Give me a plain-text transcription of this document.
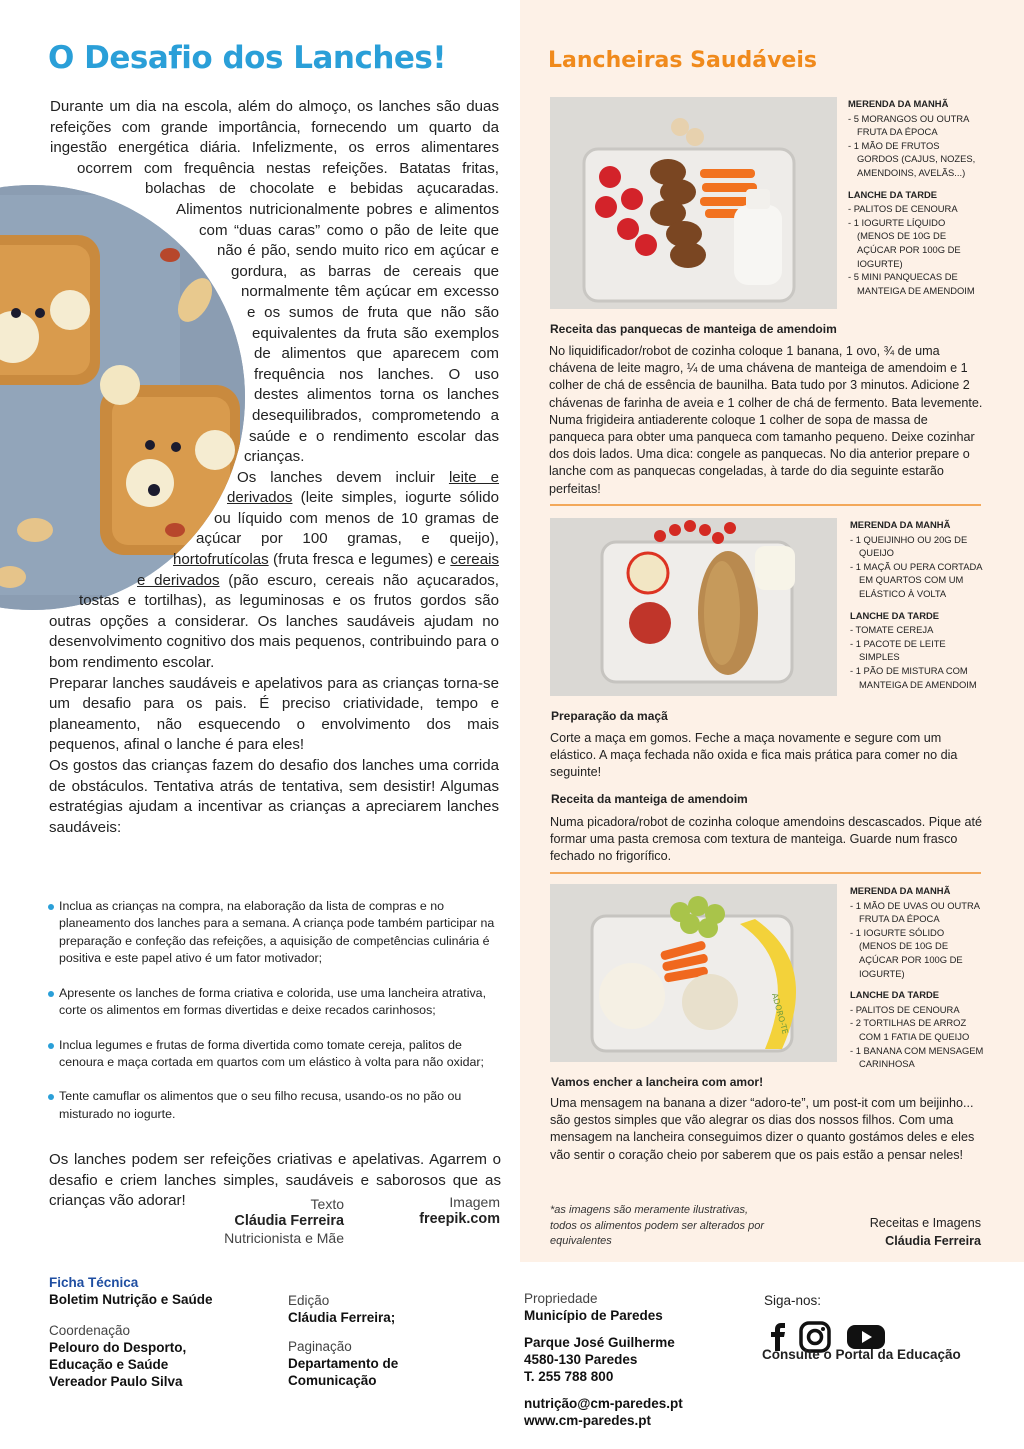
O Desafio dos Lanches!

Durante um dia na escola, além do almoço, os lanches são duas refeições com grande importância, fornecendo um quarto da ingestão energética diária. Infelizmente, os erros alimentares ocorrem com frequência nestas refeições. Batatas fritas, bolachas de chocolate e bebidas açucaradas. Alimentos nutricionalmente pobres e alimentos com “duas caras” como o pão de leite que não é pão, sendo muito rico em açúcar e gordura, as barras de cereais que normalmente têm açúcar em excesso e os sumos de fruta que não são equivalentes da fruta são exemplos de alimentos que aparecem com frequência nos lanches. O uso destes alimentos torna os lanches desequilibrados, comprometendo a saúde e o rendimento escolar das crianças.

Os lanches devem incluir leite e derivados (leite simples, iogurte sólido ou líquido com menos de 10 gramas de açúcar por 100 gramas, e queijo), hortofrutícolas (fruta fresca e legumes) e cereais e derivados (pão escuro, cereais não açucarados, tostas e tortilhas), as leguminosas e os frutos gordos são outras opções a considerar. Os lanches saudáveis ajudam no desenvolvimento cognitivo dos mais pequenos, contribuindo para o bom rendimento escolar.

Preparar lanches saudáveis e apelativos para as crianças torna-se um desafio para os pais. É preciso criatividade, tempo e planeamento, não esquecendo o envolvimento dos mais pequenos, afinal o lanche é para eles!

Os gostos das crianças fazem do desafio dos lanches uma corrida de obstáculos. Tentativa atrás de tentativa, sem desistir! Algumas estratégias ajudam a incentivar as crianças a apreciarem lanches saudáveis:

Inclua as crianças na compra, na elaboração da lista de compras e no planeamento dos lanches para a semana. A criança pode também participar na preparação e confeção das refeições, a aquisição de competências culinária é positiva e este papel ativo é um fator motivador;
Apresente os lanches de forma criativa e colorida, use uma lancheira atrativa, corte os alimentos em formas divertidas e deixe recados carinhosos;
Inclua legumes e frutas de forma divertida como tomate cereja, palitos de cenoura e maça cortada em quartos com um elástico à volta para não oxidar;
Tente camuflar os alimentos que o seu filho recusa, usando-os no pão ou misturado no iogurte.

Os lanches podem ser refeições criativas e apelativas. Agarrem o desafio e criem lanches simples, saudáveis e saborosos que as crianças vão adorar!	Texto
Cláudia Ferreira
Nutricionista e Mãe
Imagem
freepik.com
Lancheiras Saudáveis
MERENDA DA MANHÃ
- 5 MORANGOS OU OUTRA FRUTA DA ÉPOCA
- 1 MÃO DE FRUTOS GORDOS (CAJUS, NOZES, AMENDOINS, AVELÃS...)
LANCHE DA TARDE
- PALITOS DE CENOURA
- 1 IOGURTE LÍQUIDO (MENOS DE 10G DE AÇÚCAR POR 100G DE IOGURTE)
- 5 MINI PANQUECAS DE MANTEIGA DE AMENDOIM
Receita das panquecas de manteiga de amendoim
No liquidificador/robot de cozinha coloque 1 banana, 1 ovo, ¾ de uma chávena de leite magro, ¼ de uma chávena de manteiga de amendoim e 1 colher de chá de essência de baunilha. Bata tudo por 3 minutos. Adicione 2 chávenas de farinha de aveia e 1 colher de chá de fermento. Bata levemente. Numa frigideira antiaderente coloque 1 colher de sopa de massa de panqueca para obter uma panqueca com tamanho pequeno. Deixe cozinhar dos dois lados. Uma dica: congele as panquecas. No dia anterior prepare o lanche com as panquecas congeladas, à tarde do dia seguinte estarão perfeitas!
MERENDA DA MANHÃ
- 1 QUEIJINHO OU 20G DE QUEIJO
- 1 MAÇÃ OU PERA CORTADA EM QUARTOS COM UM ELÁSTICO À VOLTA
LANCHE DA TARDE
- TOMATE CEREJA
- 1 PACOTE DE LEITE SIMPLES
- 1 PÃO DE MISTURA COM MANTEIGA DE AMENDOIM
Preparação da maçã
Corte a maça em gomos. Feche a maça novamente e segure com um elástico. A maça fechada não oxida e fica mais prática para comer no dia seguinte!
Receita da manteiga de amendoim
Numa picadora/robot de cozinha coloque amendoins descascados. Pique até formar uma pasta cremosa com textura de manteiga. Guarde num frasco fechado no frigorífico.
ADORO-TE
MERENDA DA MANHÃ
- 1 MÃO DE UVAS OU OUTRA FRUTA DA ÉPOCA
- 1 IOGURTE SÓLIDO (MENOS DE 10G DE AÇÚCAR POR 100G DE IOGURTE)
LANCHE DA TARDE
- PALITOS DE CENOURA
- 2 TORTILHAS DE ARROZ COM 1 FATIA DE QUEIJO
- 1 BANANA COM MENSAGEM CARINHOSA
Vamos encher a lancheira com amor!
Uma mensagem na banana a dizer “adoro-te”, um post-it com um beijinho... são gestos simples que vão alegrar os dias dos nossos filhos. Com uma mensagem na lancheira conseguimos dizer o quanto gostámos deles e eles vão sentir o coração cheio por saberem que os pais estão a pensar neles!
*as imagens são meramente ilustrativas, todos os alimentos podem ser alterados por equivalentes
Receitas e Imagens
Cláudia Ferreira
Ficha Técnica
Boletim Nutrição e Saúde
Coordenação
Pelouro do Desporto,
Educação e Saúde
Vereador Paulo Silva
Edição
Cláudia Ferreira;
Paginação
Departamento de
Comunicação
Propriedade
Município de Paredes
Parque José Guilherme
4580-130 Paredes
T. 255 788 800
nutrição@cm-paredes.pt
www.cm-paredes.pt
Siga-nos:
Consulte o Portal da Educação
